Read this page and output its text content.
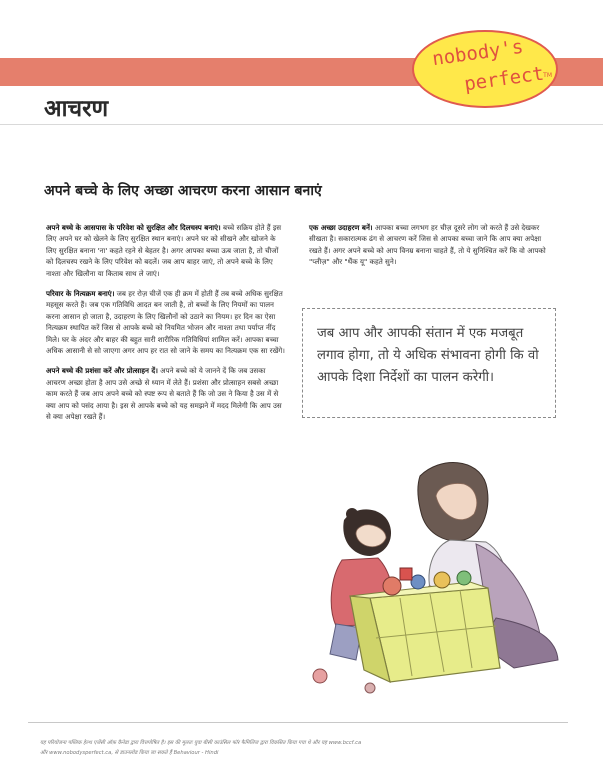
nobody's
perfect
TM
आचरण
अपने बच्चे के लिए अच्छा आचरण करना आसान बनाएं

अपने बच्चे के आसपास के परिवेश को सुरक्षित और दिलचस्प बनाएं। बच्चे सक्रिय होते हैं इस लिए अपने घर को खेलने के लिए सुरक्षित स्थान बनाएं। अपने घर को सीखने और खोजने के लिए सुरक्षित बनाना 'ना' कहते रहने से बेहतर है। अगर आपका बच्चा ऊब जाता है, तो चीजों को दिलचस्प रखने के लिए परिवेश को बदलें। जब आप बाहर जाएं, तो अपने बच्चे के लिए नाश्ता और खिलौना या किताब साथ ले जाएं।

परिवार के नित्यक्रम बनाएं। जब हर रोज़ चीजें एक ही क्रम में होती हैं तब बच्चे अधिक सुरक्षित महसूस करते हैं। जब एक गतिविधि आदत बन जाती है, तो बच्चों के लिए नियमों का पालन करना आसान हो जाता है, उदाहरण के लिए खिलौनों को उठाने का नियम। हर दिन का ऐसा नित्यक्रम स्थापित करें जिस से आपके बच्चे को नियमित भोजन और नाश्ता तथा पर्याप्त नींद मिले। घर के अंदर और बाहर की बहुत सारी शारीरिक गतिविधियां शामिल करें। आपका बच्चा अधिक आसानी से सो जाएगा अगर आप हर रात सो जाने के समय का नित्यक्रम एक सा रखेंगे।

अपने बच्चे की प्रशंसा करें और प्रोत्साहन दें। अपने बच्चे को ये जानने दें कि जब उसका आचरण अच्छा होता है आप उसे अच्छे से ध्यान में लेते हैं। प्रशंसा और प्रोत्साहन सबसे अच्छा काम करते हैं जब आप अपने बच्चे को स्पष्ट रूप से बताते हैं कि जो उस ने किया है उस में से क्या आप को पसंद आया है। इस से आपके बच्चे को यह समझने में मदद मिलेगी कि आप उस से क्या अपेक्षा रखते हैं।

एक अच्छा उदाहरण बनें। आपका बच्चा लगभग हर चीज़ दूसरे लोग जो करते हैं उसे देखकर सीखता है। सकारात्मक ढंग से आचरण करें जिस से आपका बच्चा जाने कि आप क्या अपेक्षा रखते हैं। अगर अपने बच्चे को आप विनम्र बनाना चाहते हैं, तो ये सुनिश्चित करें कि वो आपको "प्लीज़" और "थैंक यू" कहते सुने।

जब आप और आपकी संतान में एक मजबूत लगाव होगा, तो ये अधिक संभावना होगी कि वो आपके दिशा निर्देशों का पालन करेगी।
यह परियोजना पब्लिक हेल्थ एजेंसी ऑफ़ कैनेडा द्वारा वित्तपोषित है। इस की मूलतः युवा बीसी काउंसिल फॉर फैमिलिज द्वारा विकसित किया गया थे और यह www.bccf.ca
और www.nobodysperfect.ca, से डाउनलोड किया जा सकते हैं Behaviour - Hindi
